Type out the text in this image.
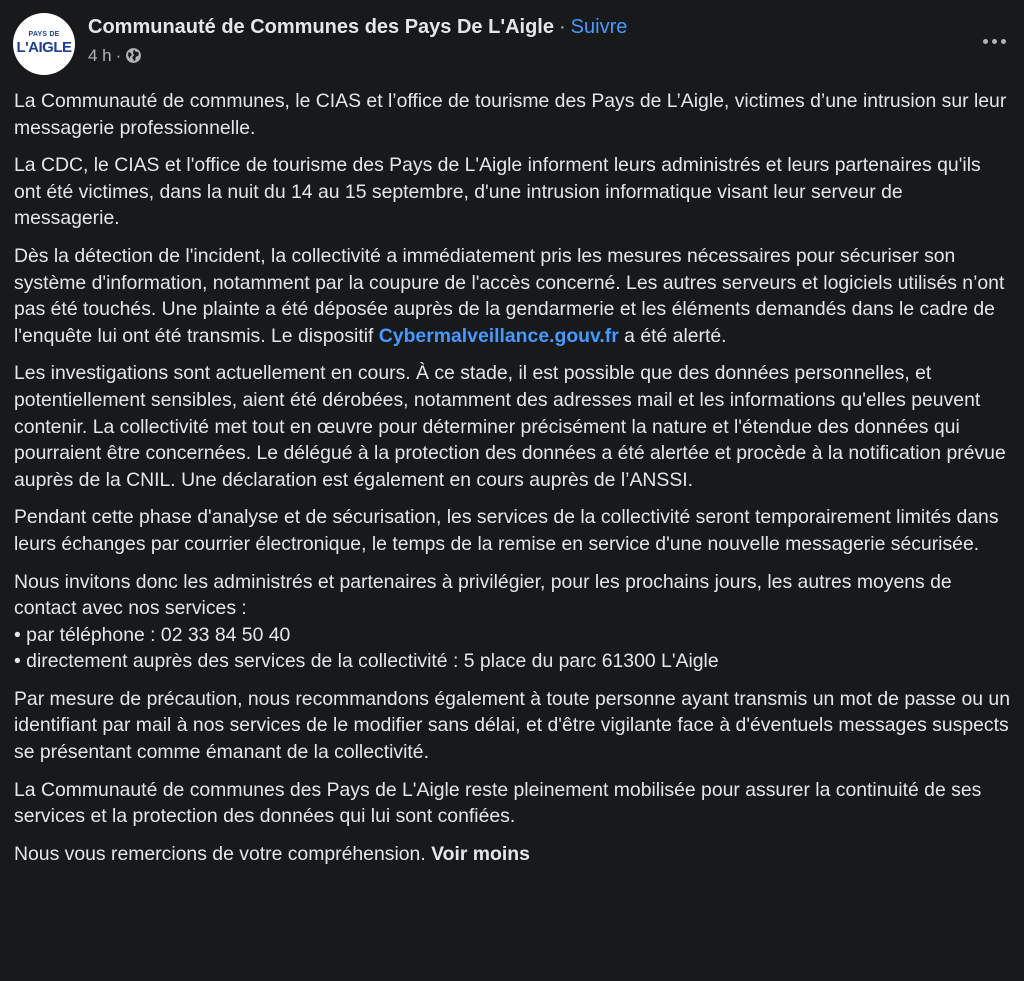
PAYS DE
L'AIGLE
Communauté de Communes des Pays De L'Aigle · Suivre
4 h ·

La Communauté de communes, le CIAS et l’office de tourisme des Pays de L’Aigle, victimes d’une intrusion sur leur messagerie professionnelle.

La CDC, le CIAS et l'office de tourisme des Pays de L'Aigle informent leurs administrés et leurs partenaires qu'ils ont été victimes, dans la nuit du 14 au 15 septembre, d'une intrusion informatique visant leur serveur de messagerie.

Dès la détection de l'incident, la collectivité a immédiatement pris les mesures nécessaires pour sécuriser son système d'information, notamment par la coupure de l'accès concerné. Les autres serveurs et logiciels utilisés n’ont pas été touchés. Une plainte a été déposée auprès de la gendarmerie et les éléments demandés dans le cadre de l'enquête lui ont été transmis. Le dispositif Cybermalveillance.gouv.fr a été alerté.

Les investigations sont actuellement en cours. À ce stade, il est possible que des données personnelles, et potentiellement sensibles, aient été dérobées, notamment des adresses mail et les informations qu'elles peuvent contenir. La collectivité met tout en œuvre pour déterminer précisément la nature et l'étendue des données qui pourraient être concernées. Le délégué à la protection des données a été alertée et procède à la notification prévue auprès de la CNIL. Une déclaration est également en cours auprès de l’ANSSI.

Pendant cette phase d'analyse et de sécurisation, les services de la collectivité seront temporairement limités dans leurs échanges par courrier électronique, le temps de la remise en service d'une nouvelle messagerie sécurisée.

Nous invitons donc les administrés et partenaires à privilégier, pour les prochains jours, les autres moyens de contact avec nos services :
• par téléphone : 02 33 84 50 40
• directement auprès des services de la collectivité : 5 place du parc 61300 L'Aigle

Par mesure de précaution, nous recommandons également à toute personne ayant transmis un mot de passe ou un identifiant par mail à nos services de le modifier sans délai, et d'être vigilante face à d'éventuels messages suspects se présentant comme émanant de la collectivité.

La Communauté de communes des Pays de L'Aigle reste pleinement mobilisée pour assurer la continuité de ses services et la protection des données qui lui sont confiées.

Nous vous remercions de votre compréhension. Voir moins
